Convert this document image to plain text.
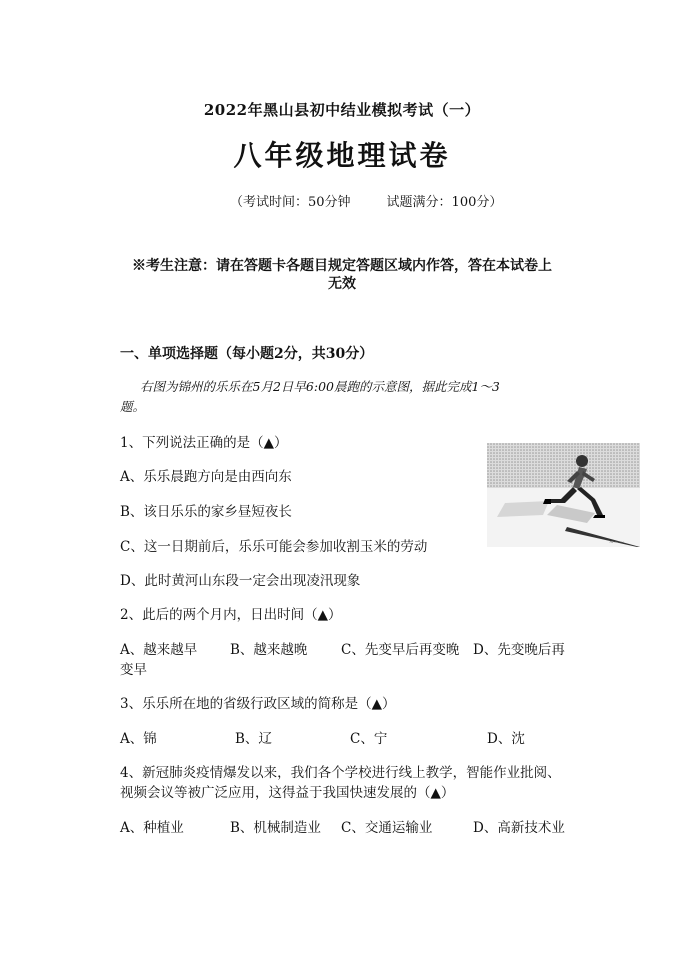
2022年黑山县初中结业模拟考试（一）
八年级地理试卷
（考试时间：50分钟	试题满分：100分）
※考生注意：请在答题卡各题目规定答题区域内作答，答在本试卷上
无效
一、单项选择题（每小题2分，共30分）
右图为锦州的乐乐在5月2日早6:00晨跑的示意图，据此完成1～3
题。
1、下列说法正确的是（▲）
A、乐乐晨跑方向是由西向东
B、该日乐乐的家乡昼短夜长
C、这一日期前后，乐乐可能会参加收割玉米的劳动
D、此时黄河山东段一定会出现凌汛现象
~~~
2、此后的两个月内，日出时间（▲）
A、越来越早 B、越来越晚 C、先变早后再变晚 D、先变晚后再
变早
3、乐乐所在地的省级行政区域的简称是（▲）
A、锦	B、辽	C、宁	D、沈
4、新冠肺炎疫情爆发以来，我们各个学校进行线上教学，智能作业批阅、
视频会议等被广泛应用，这得益于我国快速发展的（▲）
A、种植业	B、机械制造业 C、交通运输业	D、高新技术业
